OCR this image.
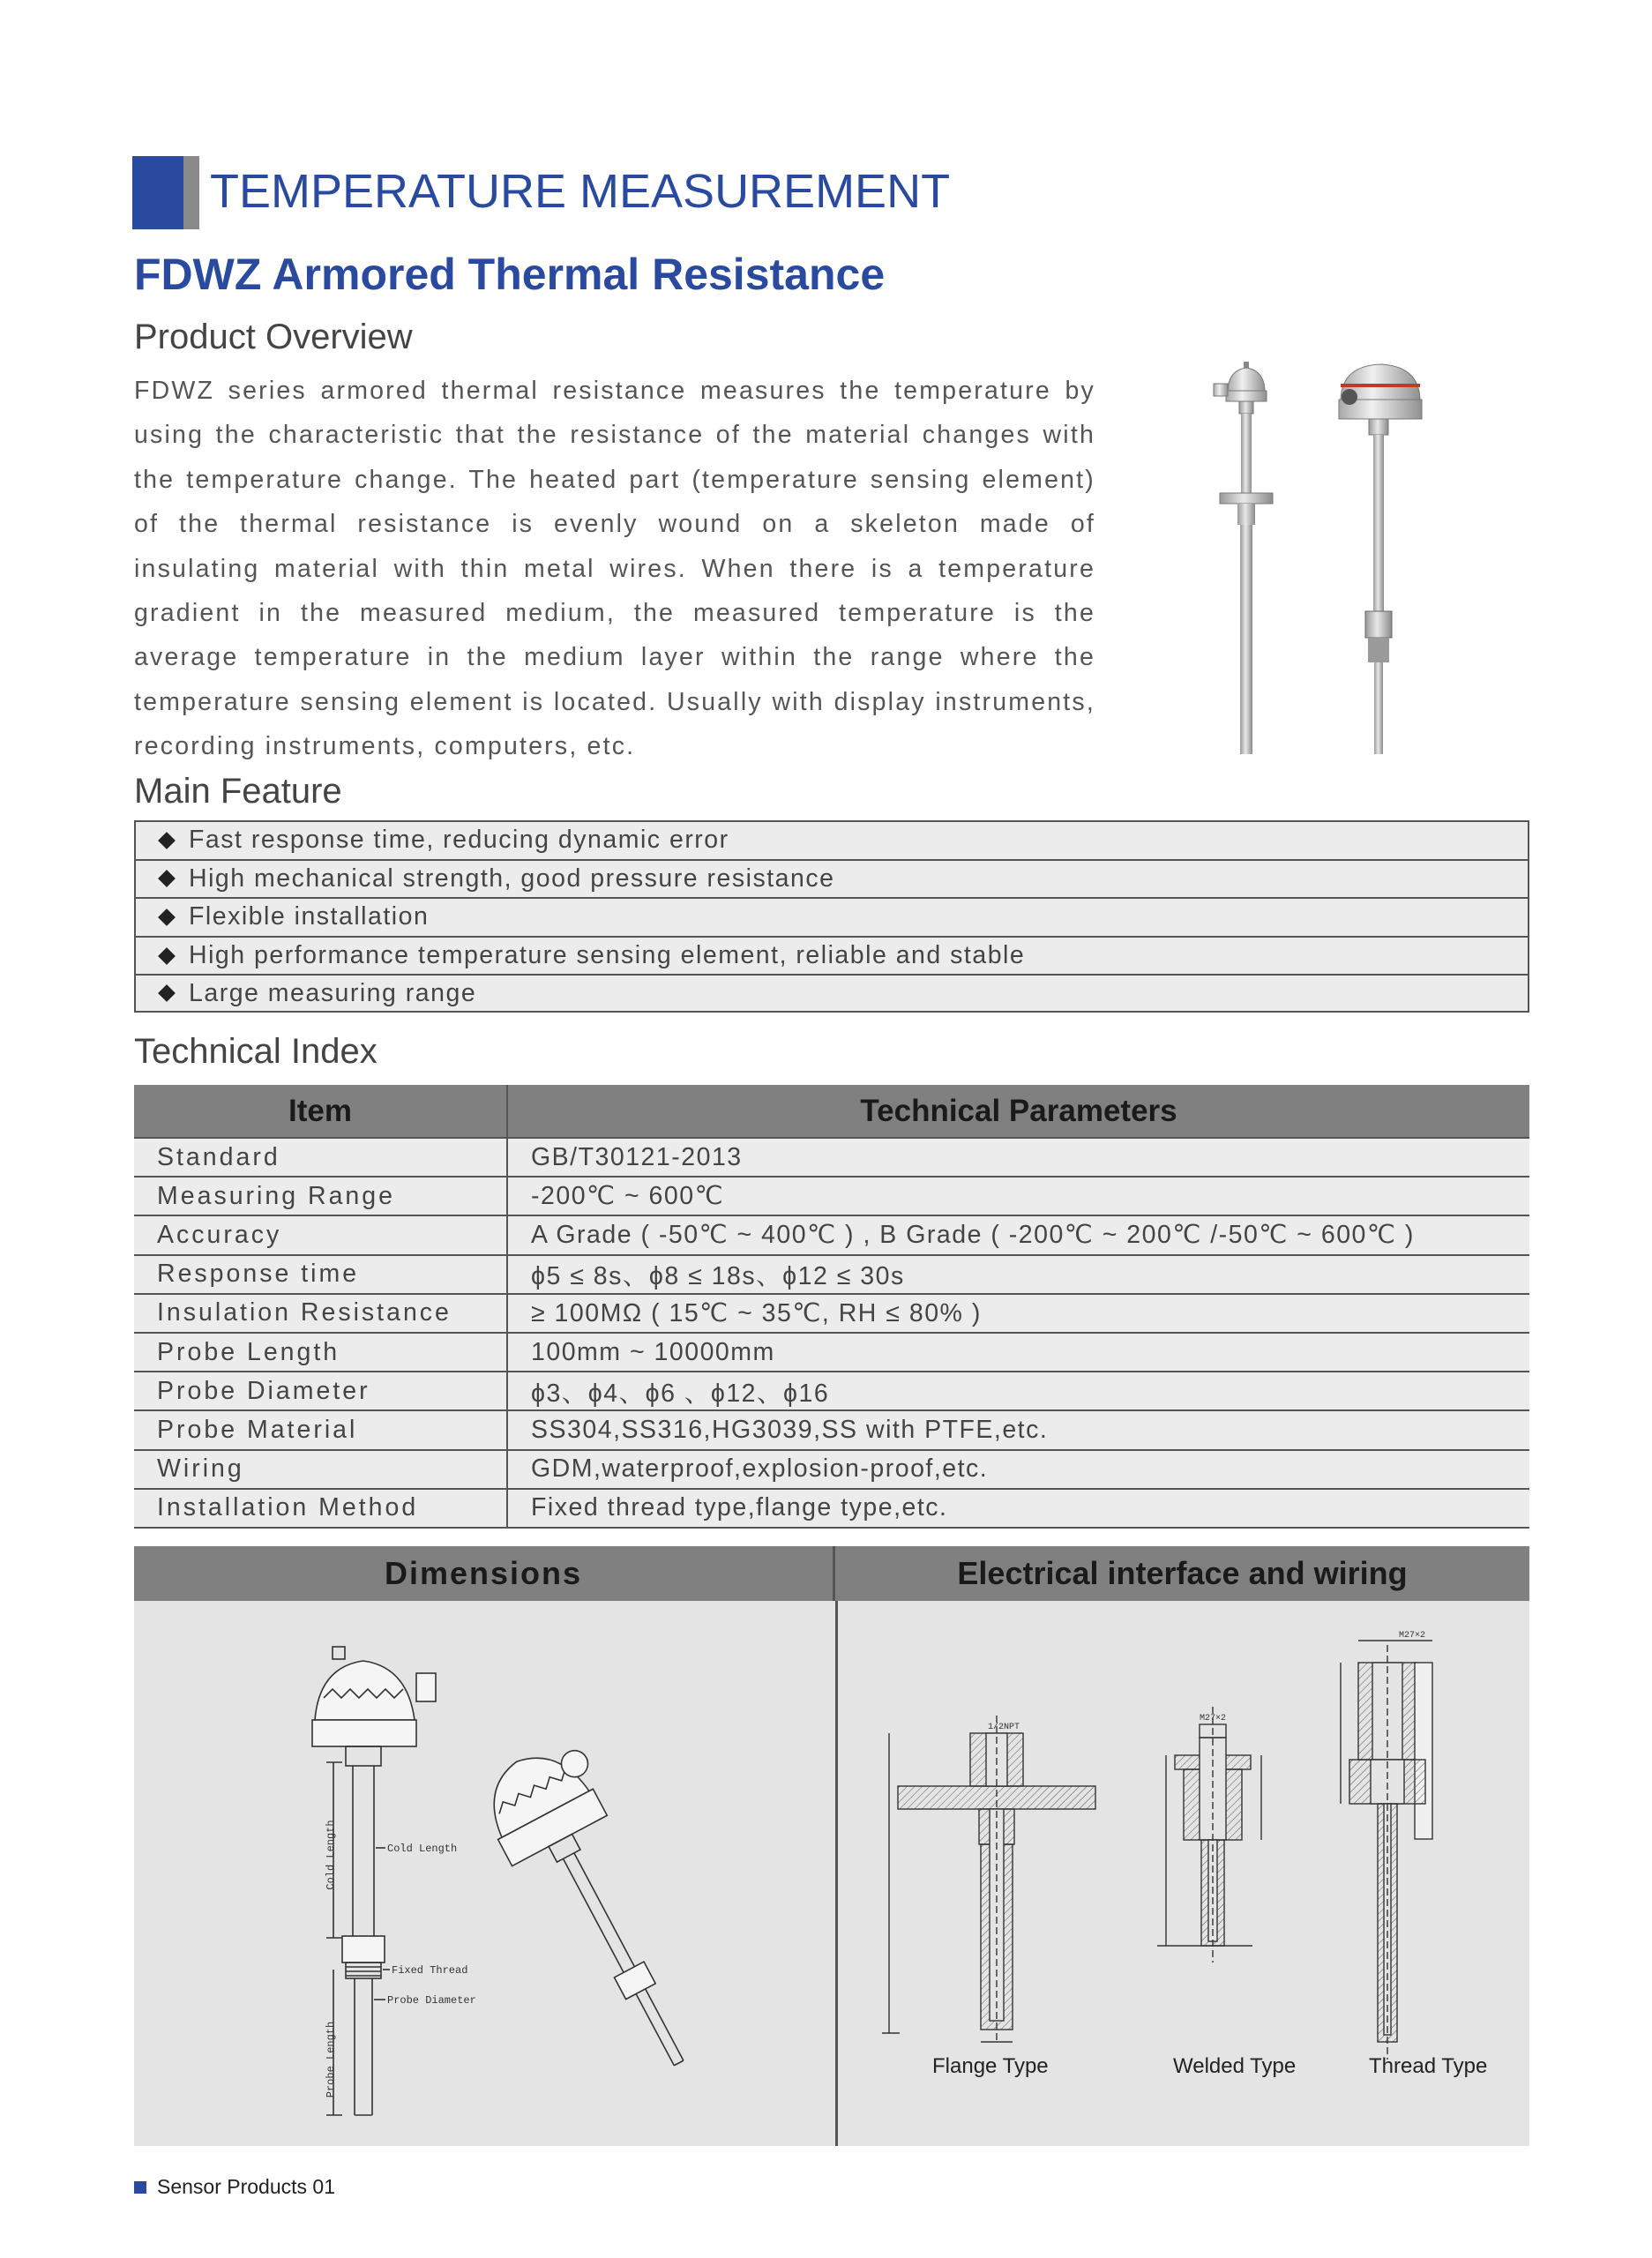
TEMPERATURE MEASUREMENT
FDWZ Armored Thermal Resistance
Product Overview
FDWZ series armored thermal resistance measures the temperature by using the characteristic that the resistance of the material changes with the temperature change. The heated part (temperature sensing element) of the thermal resistance is evenly wound on a skeleton made of insulating material with thin metal wires. When there is a temperature gradient in the measured medium, the measured temperature is the average temperature in the medium layer within the range where the temperature sensing element is located. Usually with display instruments, recording instruments, computers, etc.
Main Feature
Fast response time, reducing dynamic error
High mechanical strength, good pressure resistance
Flexible installation
High performance temperature sensing element, reliable and stable
Large measuring range
Technical Index
Item	Technical Parameters
Standard	GB/T30121-2013
Measuring Range	-200℃ ~ 600℃
Accuracy	A Grade ( -50℃ ~ 400℃ ) , B Grade ( -200℃ ~ 200℃ /-50℃ ~ 600℃ )
Response time	ϕ5 ≤ 8s、ϕ8 ≤ 18s、ϕ12 ≤ 30s
Insulation Resistance	≥ 100MΩ ( 15℃ ~ 35℃, RH ≤ 80% )
Probe Length	100mm ~ 10000mm
Probe Diameter	ϕ3、ϕ4、ϕ6 、ϕ12、ϕ16
Probe Material	SS304,SS316,HG3039,SS with PTFE,etc.
Wiring	GDM,waterproof,explosion-proof,etc.
Installation Method	Fixed thread type,flange type,etc.
Dimensions	Electrical interface and wiring
Cold Length	Cold Length
Probe Length
Fixed Thread
Probe Diameter
1/2NPT
M27×2
M27×2
Flange Type	Welded Type	Thread Type
Sensor Products 01
